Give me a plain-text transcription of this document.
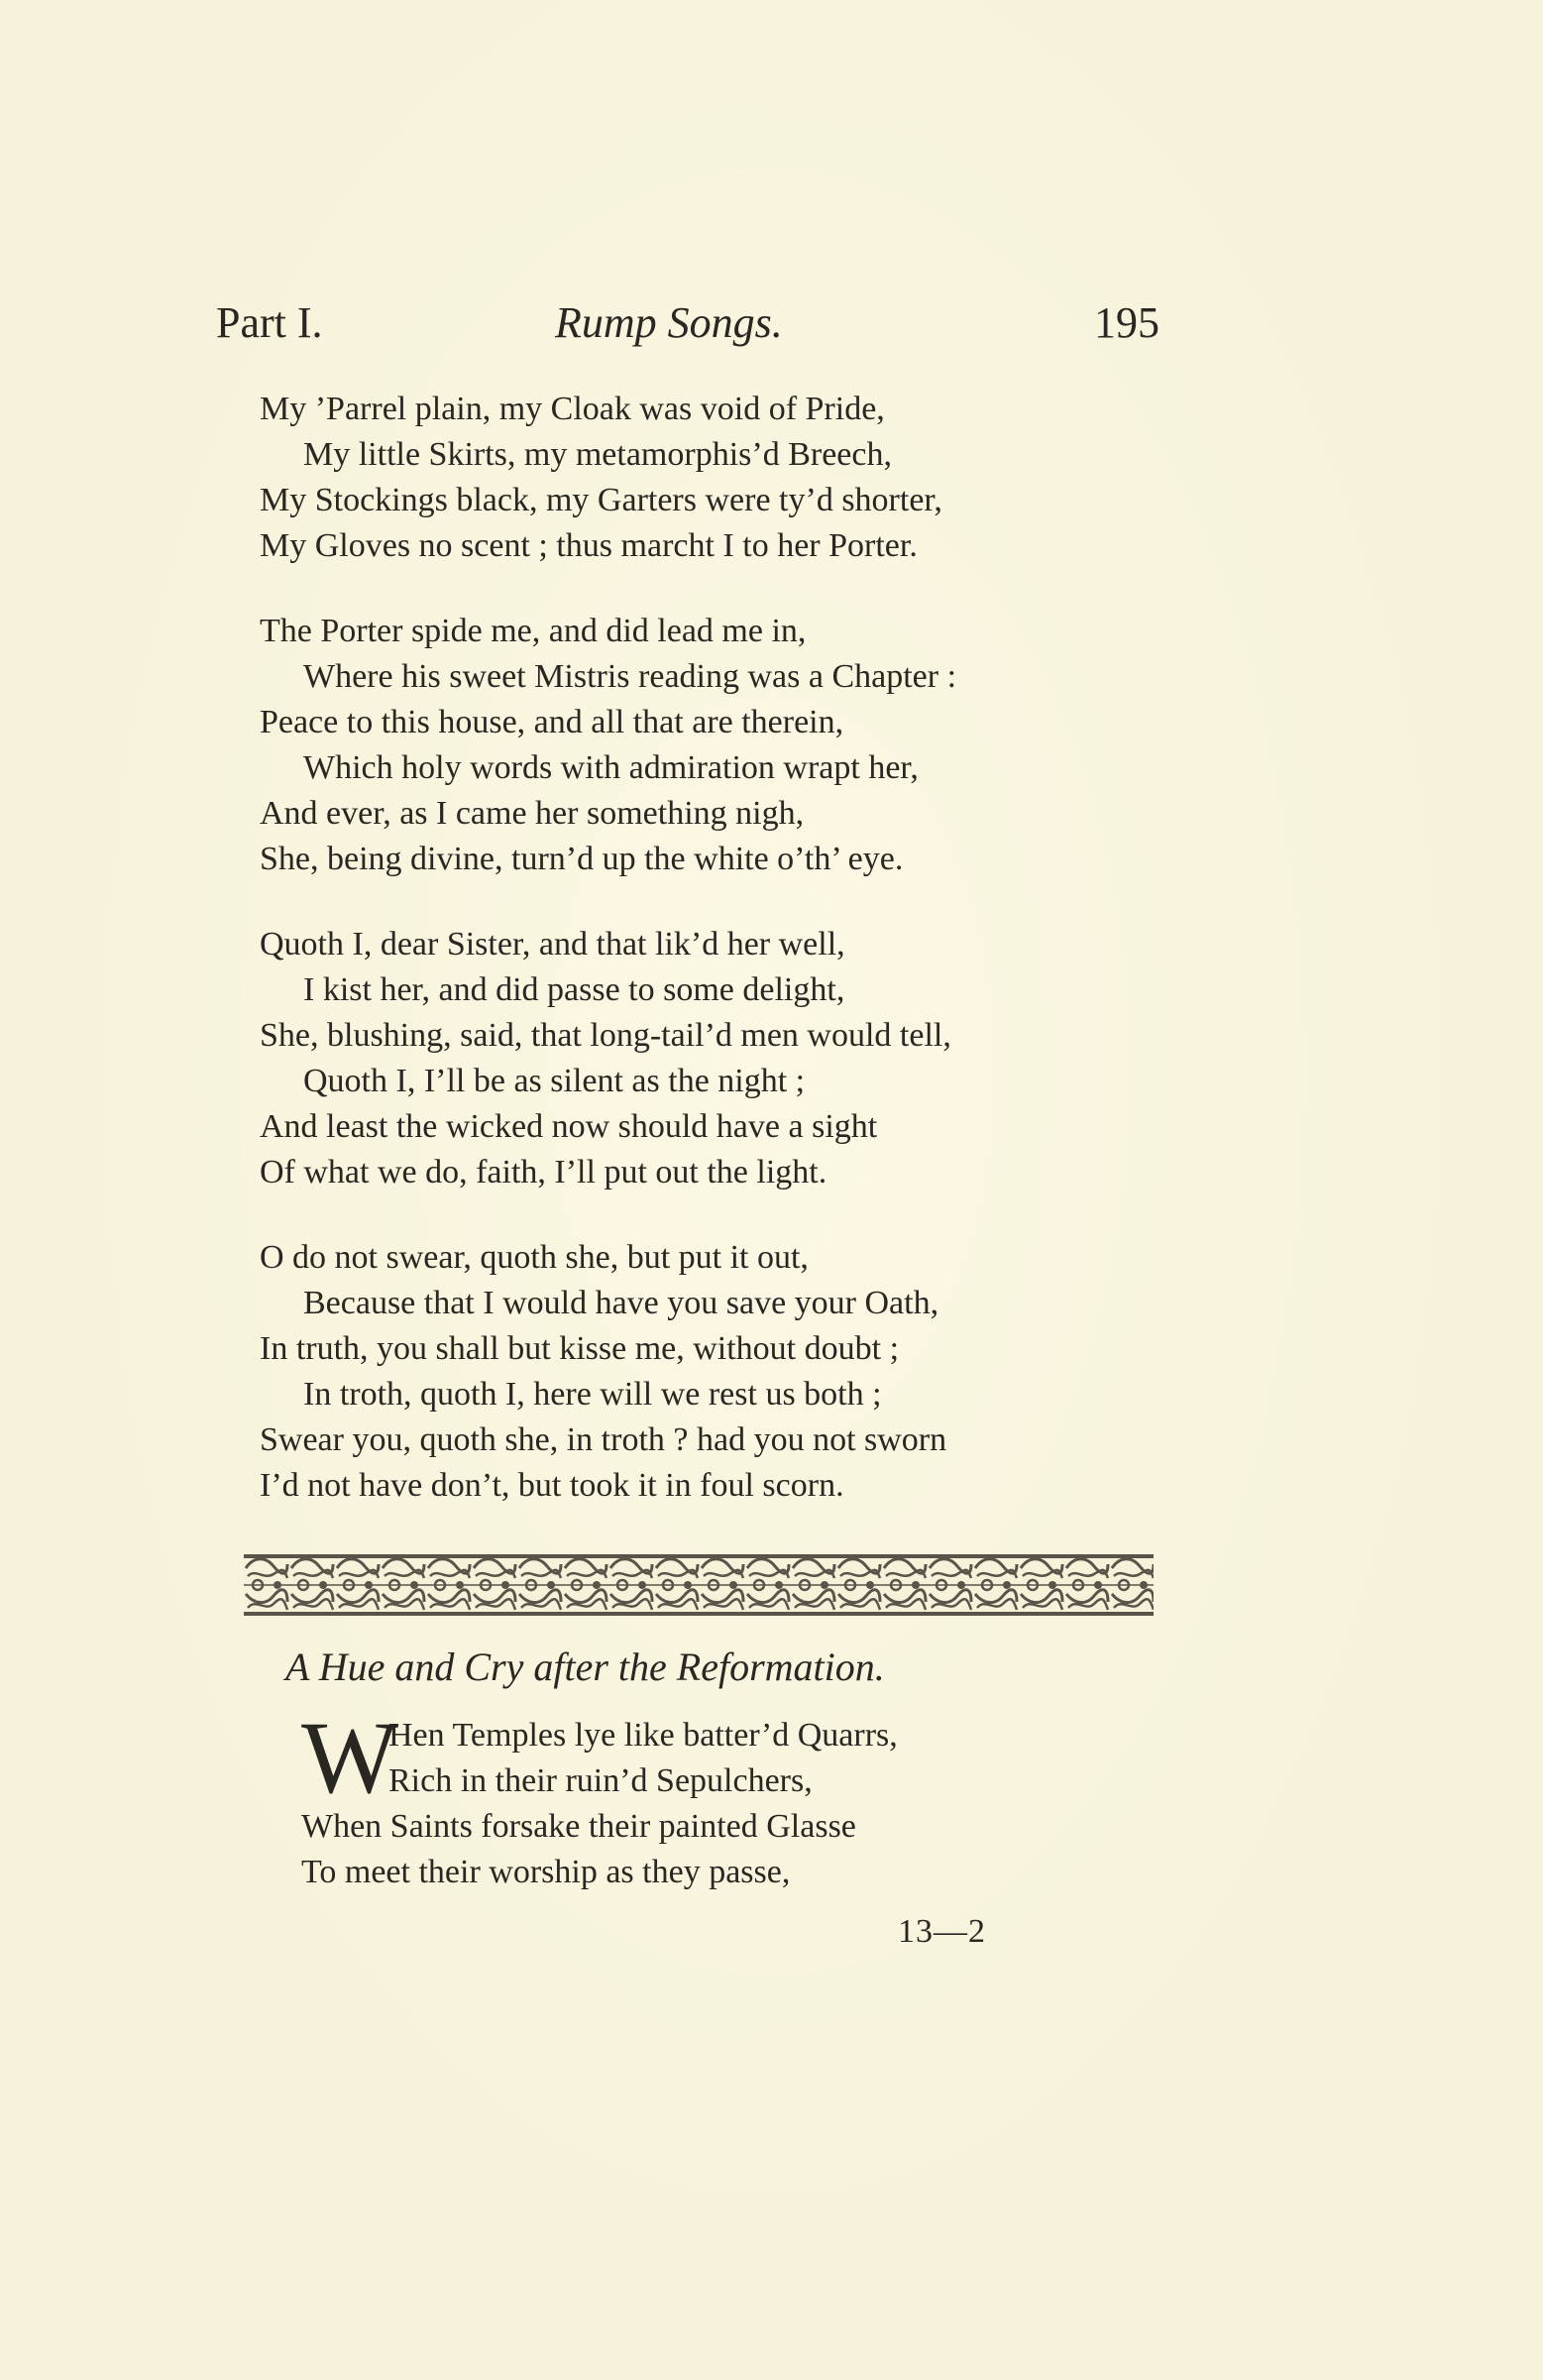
Part I.	Rump Songs.	195
My ’Parrel plain, my Cloak was void of Pride,
My little Skirts, my metamorphis’d Breech,
My Stockings black, my Garters were ty’d shorter,
My Gloves no scent ; thus marcht I to her Porter.
The Porter spide me, and did lead me in,
Where his sweet Mistris reading was a Chapter :
Peace to this house, and all that are therein,
Which holy words with admiration wrapt her,
And ever, as I came her something nigh,
She, being divine, turn’d up the white o’th’ eye.
Quoth I, dear Sister, and that lik’d her well,
I kist her, and did passe to some delight,
She, blushing, said, that long-tail’d men would tell,
Quoth I, I’ll be as silent as the night ;
And least the wicked now should have a sight
Of what we do, faith, I’ll put out the light.
O do not swear, quoth she, but put it out,
Because that I would have you save your Oath,
In truth, you shall but kisse me, without doubt ;
In troth, quoth I, here will we rest us both ;
Swear you, quoth she, in troth ? had you not sworn
I’d not have don’t, but took it in foul scorn.
A Hue and Cry after the Reformation.
W
Hen Temples lye like batter’d Quarrs,
Rich in their ruin’d Sepulchers,
When Saints forsake their painted Glasse
To meet their worship as they passe,
13—2
